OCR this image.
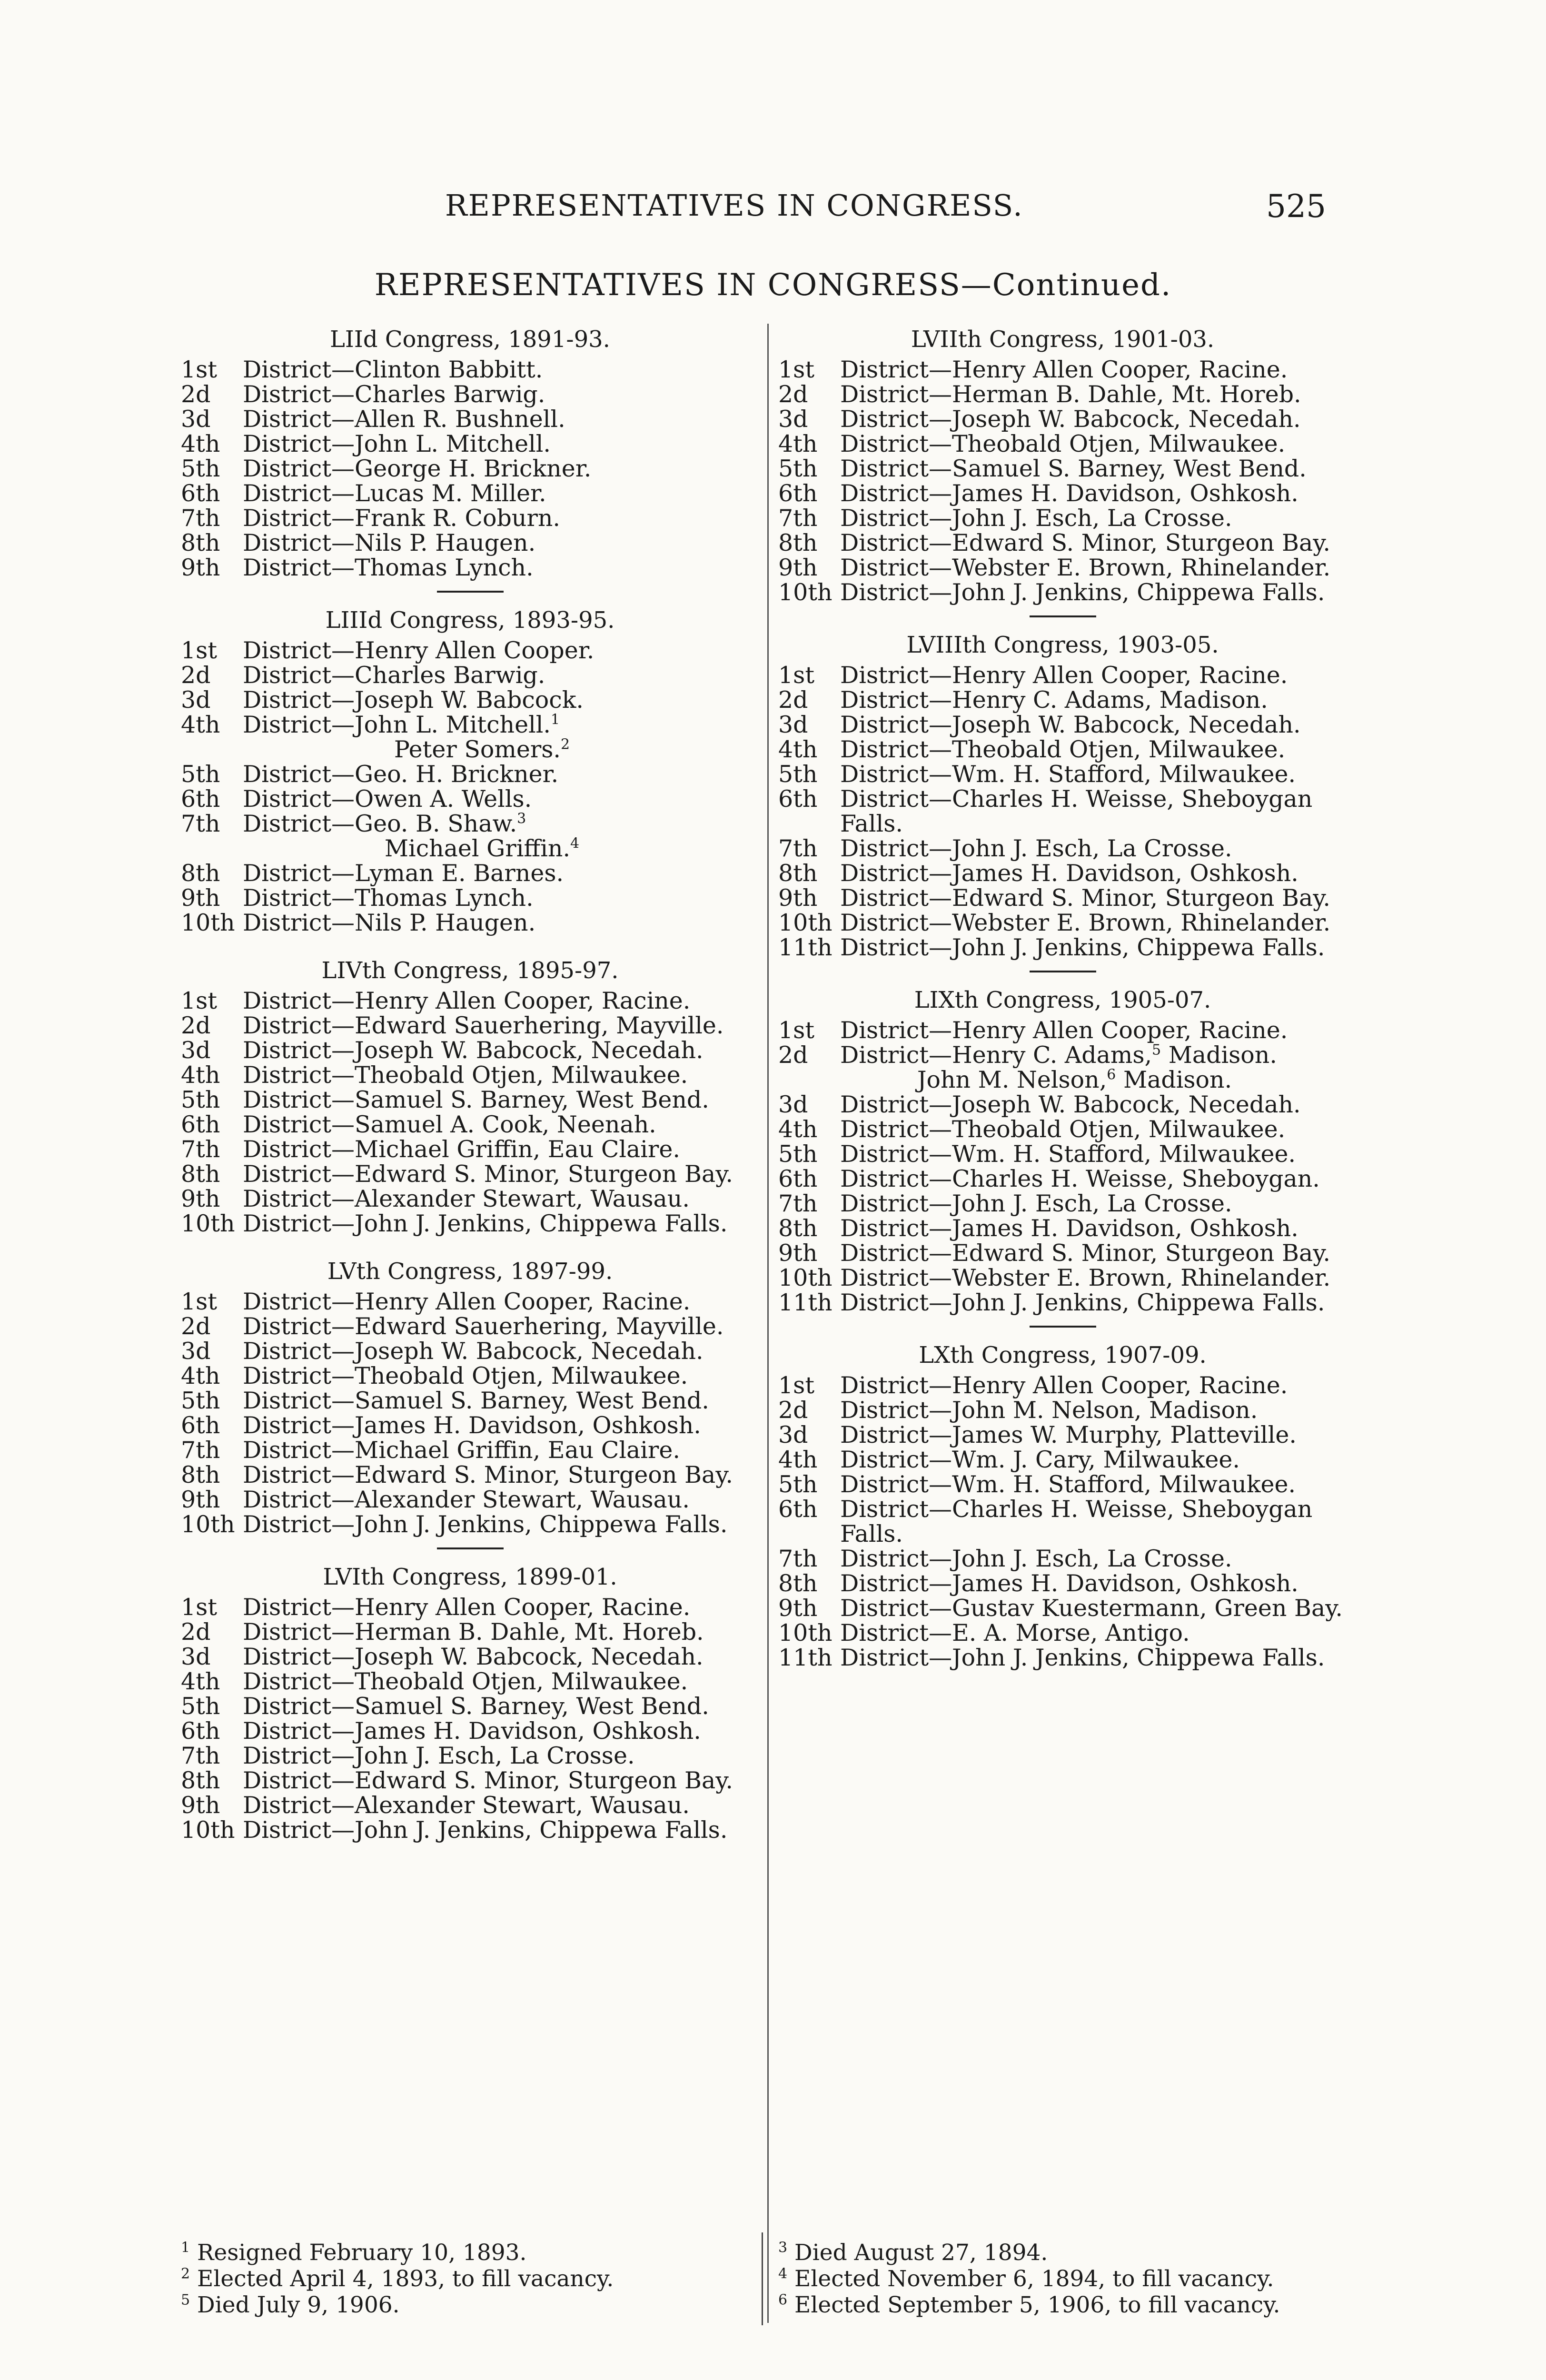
REPRESENTATIVES IN CONGRESS.	525
REPRESENTATIVES IN CONGRESS—Continued.
LIId Congress, 1891-93.
1st	District—Clinton Babbitt.
2d	District—Charles Barwig.
3d	District—Allen R. Bushnell.
4th District—John L. Mitchell.
5th District—George H. Brickner.
6th District—Lucas M. Miller.
7th District—Frank R. Coburn.
8th District—Nils P. Haugen.
9th District—Thomas Lynch.
LIIId Congress, 1893-95.
1st	District—Henry Allen Cooper.
2d	District—Charles Barwig.
3d	District—Joseph W. Babcock.
4th District—John L. Mitchell.$^1$
Peter Somers.$^2$
5th District—Geo. H. Brickner.
6th District—Owen A. Wells.
7th District—Geo. B. Shaw.$^3$
Michael Griffin.$^4$
8th District—Lyman E. Barnes.
9th District—Thomas Lynch.
10th District—Nils P. Haugen.
LIVth Congress, 1895-97.
1st	District—Henry Allen Cooper, Racine.
2d	District—Edward Sauerhering, Mayville.
3d	District—Joseph W. Babcock, Necedah.
4th District—Theobald Otjen, Milwaukee.
5th District—Samuel S. Barney, West Bend.
6th District—Samuel A. Cook, Neenah.
7th District—Michael Griffin, Eau Claire.
8th District—Edward S. Minor, Sturgeon Bay.
9th District—Alexander Stewart, Wausau.
10th District—John J. Jenkins, Chippewa Falls.
LVth Congress, 1897-99.
1st	District—Henry Allen Cooper, Racine.
2d	District—Edward Sauerhering, Mayville.
3d	District—Joseph W. Babcock, Necedah.
4th District—Theobald Otjen, Milwaukee.
5th District—Samuel S. Barney, West Bend.
6th District—James H. Davidson, Oshkosh.
7th District—Michael Griffin, Eau Claire.
8th District—Edward S. Minor, Sturgeon Bay.
9th District—Alexander Stewart, Wausau.
10th District—John J. Jenkins, Chippewa Falls.
LVIth Congress, 1899-01.
1st	District—Henry Allen Cooper, Racine.
2d	District—Herman B. Dahle, Mt. Horeb.
3d	District—Joseph W. Babcock, Necedah.
4th District—Theobald Otjen, Milwaukee.
5th District—Samuel S. Barney, West Bend.
6th District—James H. Davidson, Oshkosh.
7th District—John J. Esch, La Crosse.
8th District—Edward S. Minor, Sturgeon Bay.
9th District—Alexander Stewart, Wausau.
10th District—John J. Jenkins, Chippewa Falls.
LVIIth Congress, 1901-03.
1st	District—Henry Allen Cooper, Racine.
2d	District—Herman B. Dahle, Mt. Horeb.
3d	District—Joseph W. Babcock, Necedah.
4th District—Theobald Otjen, Milwaukee.
5th District—Samuel S. Barney, West Bend.
6th District—James H. Davidson, Oshkosh.
7th District—John J. Esch, La Crosse.
8th District—Edward S. Minor, Sturgeon Bay.
9th District—Webster E. Brown, Rhinelander.
10th District—John J. Jenkins, Chippewa Falls.
LVIIIth Congress, 1903-05.
1st	District—Henry Allen Cooper, Racine.
2d	District—Henry C. Adams, Madison.
3d	District—Joseph W. Babcock, Necedah.
4th District—Theobald Otjen, Milwaukee.
5th District—Wm. H. Stafford, Milwaukee.
6th District—Charles H. Weisse, Sheboygan Falls.
7th District—John J. Esch, La Crosse.
8th District—James H. Davidson, Oshkosh.
9th District—Edward S. Minor, Sturgeon Bay.
10th District—Webster E. Brown, Rhinelander.
11th District—John J. Jenkins, Chippewa Falls.
LIXth Congress, 1905-07.
1st	District—Henry Allen Cooper, Racine.
2d	District—Henry C. Adams,$^5$ Madison.
John M. Nelson,$^6$ Madison.
3d	District—Joseph W. Babcock, Necedah.
4th District—Theobald Otjen, Milwaukee.
5th District—Wm. H. Stafford, Milwaukee.
6th District—Charles H. Weisse, Sheboygan.
7th District—John J. Esch, La Crosse.
8th District—James H. Davidson, Oshkosh.
9th District—Edward S. Minor, Sturgeon Bay.
10th District—Webster E. Brown, Rhinelander.
11th District—John J. Jenkins, Chippewa Falls.
LXth Congress, 1907-09.
1st	District—Henry Allen Cooper, Racine.
2d	District—John M. Nelson, Madison.
3d	District—James W. Murphy, Platteville.
4th District—Wm. J. Cary, Milwaukee.
5th District—Wm. H. Stafford, Milwaukee.
6th District—Charles H. Weisse, Sheboygan Falls.
7th District—John J. Esch, La Crosse.
8th District—James H. Davidson, Oshkosh.
9th District—Gustav Kuestermann, Green Bay.
10th District—E. A. Morse, Antigo.
11th District—John J. Jenkins, Chippewa Falls.
$^1$ Resigned February 10, 1893.
$^2$ Elected April 4, 1893, to fill vacancy.
$^5$ Died July 9, 1906.
$^3$ Died August 27, 1894.
$^4$ Elected November 6, 1894, to fill vacancy.
$^6$ Elected September 5, 1906, to fill vacancy.
